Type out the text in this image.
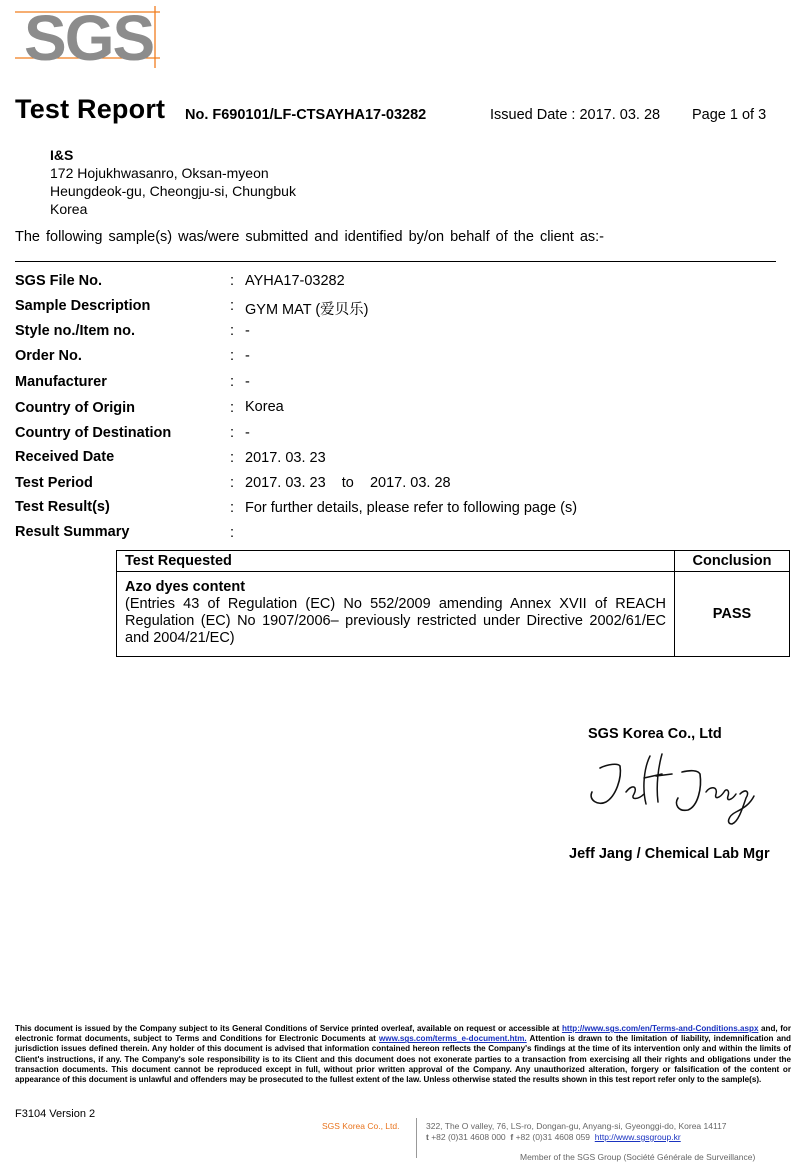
SGS
Test Report No. F690101/LF-CTSAYHA17-03282	Issued Date : 2017. 03. 28 Page 1 of 3
I&S
172 Hojukhwasanro, Oksan-myeon
Heungdeok-gu, Cheongju-si, Chungbuk
Korea
The following sample(s) was/were submitted and identified by/on behalf of the client as:-
SGS File No.	: AYHA17-03282
Sample Description	: GYM MAT (爱贝乐)
Style no./Item no.	: -
Order No.	: -
Manufacturer	: -
Country of Origin	: Korea
Country of Destination	: -
Received Date	: 2017. 03. 23
Test Period	: 2017. 03. 23    to    2017. 03. 28
Test Result(s)	: For further details, please refer to following page (s)
Result Summary	:
Test Requested	Conclusion

Azo dyes content
(Entries 43 of Regulation (EC) No 552/2009 amending Annex XVII of REACH Regulation (EC) No 1907/2006– previously restricted under Directive 2002/61/EC and 2004/21/EC)	PASS
SGS Korea Co., Ltd
Jeff Jang / Chemical Lab Mgr
This document is issued by the Company subject to its General Conditions of Service printed overleaf, available on request or accessible at http://www.sgs.com/en/Terms-and-Conditions.aspx and, for electronic format documents, subject to Terms and Conditions for Electronic Documents at www.sgs.com/terms_e-document.htm. Attention is drawn to the limitation of liability, indemnification and jurisdiction issues defined therein. Any holder of this document is advised that information contained hereon reflects the Company's findings at the time of its intervention only and within the limits of Client's instructions, if any. The Company's sole responsibility is to its Client and this document does not exonerate parties to a transaction from exercising all their rights and obligations under the transaction documents. This document cannot be reproduced except in full, without prior written approval of the Company. Any unauthorized alteration, forgery or falsification of the content or appearance of this document is unlawful and offenders may be prosecuted to the fullest extent of the law. Unless otherwise stated the results shown in this test report refer only to the sample(s).
F3104 Version 2
SGS Korea Co., Ltd.	322, The O valley, 76, LS-ro, Dongan-gu, Anyang-si, Gyeonggi-do, Korea 14117
t +82 (0)31 4608 000  f +82 (0)31 4608 059  http://www.sgsgroup.kr
Member of the SGS Group (Société Générale de Surveillance)
